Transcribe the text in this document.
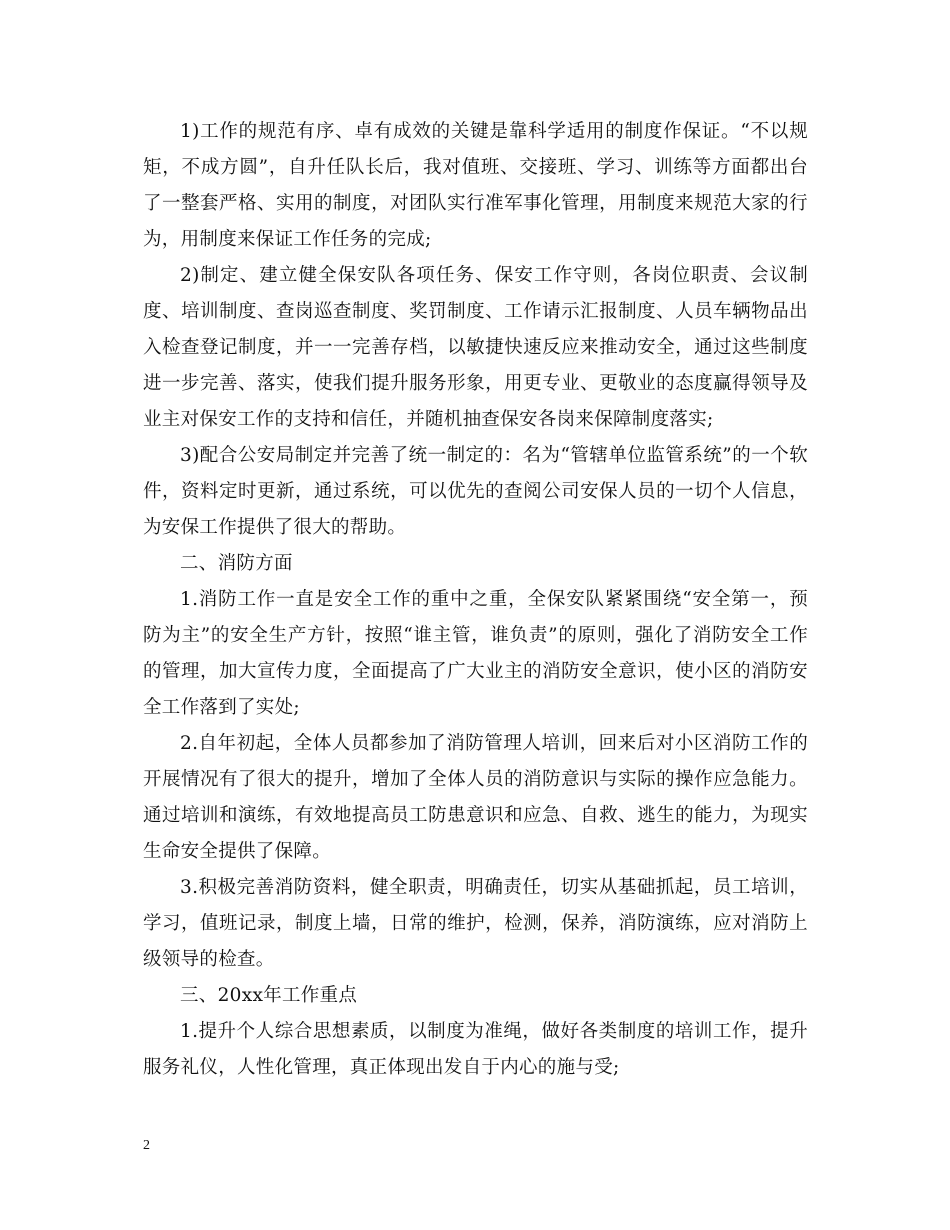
1)工作的规范有序、卓有成效的关键是靠科学适用的制度作保证。“不以规矩，不成方圆”，自升任队长后，我对值班、交接班、学习、训练等方面都出台了一整套严格、实用的制度，对团队实行准军事化管理，用制度来规范大家的行为，用制度来保证工作任务的完成;

2)制定、建立健全保安队各项任务、保安工作守则，各岗位职责、会议制度、培训制度、查岗巡查制度、奖罚制度、工作请示汇报制度、人员车辆物品出入检查登记制度，并一一完善存档，以敏捷快速反应来推动安全，通过这些制度进一步完善、落实，使我们提升服务形象，用更专业、更敬业的态度赢得领导及业主对保安工作的支持和信任，并随机抽查保安各岗来保障制度落实;

3)配合公安局制定并完善了统一制定的：名为“管辖单位监管系统”的一个软件，资料定时更新，通过系统，可以优先的查阅公司安保人员的一切个人信息，为安保工作提供了很大的帮助。

二、消防方面

1.消防工作一直是安全工作的重中之重，全保安队紧紧围绕“安全第一，预防为主”的安全生产方针，按照“谁主管，谁负责”的原则，强化了消防安全工作的管理，加大宣传力度，全面提高了广大业主的消防安全意识，使小区的消防安全工作落到了实处;

2.自年初起，全体人员都参加了消防管理人培训，回来后对小区消防工作的开展情况有了很大的提升，增加了全体人员的消防意识与实际的操作应急能力。通过培训和演练，有效地提高员工防患意识和应急、自救、逃生的能力，为现实生命安全提供了保障。

3.积极完善消防资料，健全职责，明确责任，切实从基础抓起，员工培训，学习，值班记录，制度上墙，日常的维护，检测，保养，消防演练，应对消防上级领导的检查。

三、20xx年工作重点

1.提升个人综合思想素质，以制度为准绳，做好各类制度的培训工作，提升服务礼仪，人性化管理，真正体现出发自于内心的施与受;

2
